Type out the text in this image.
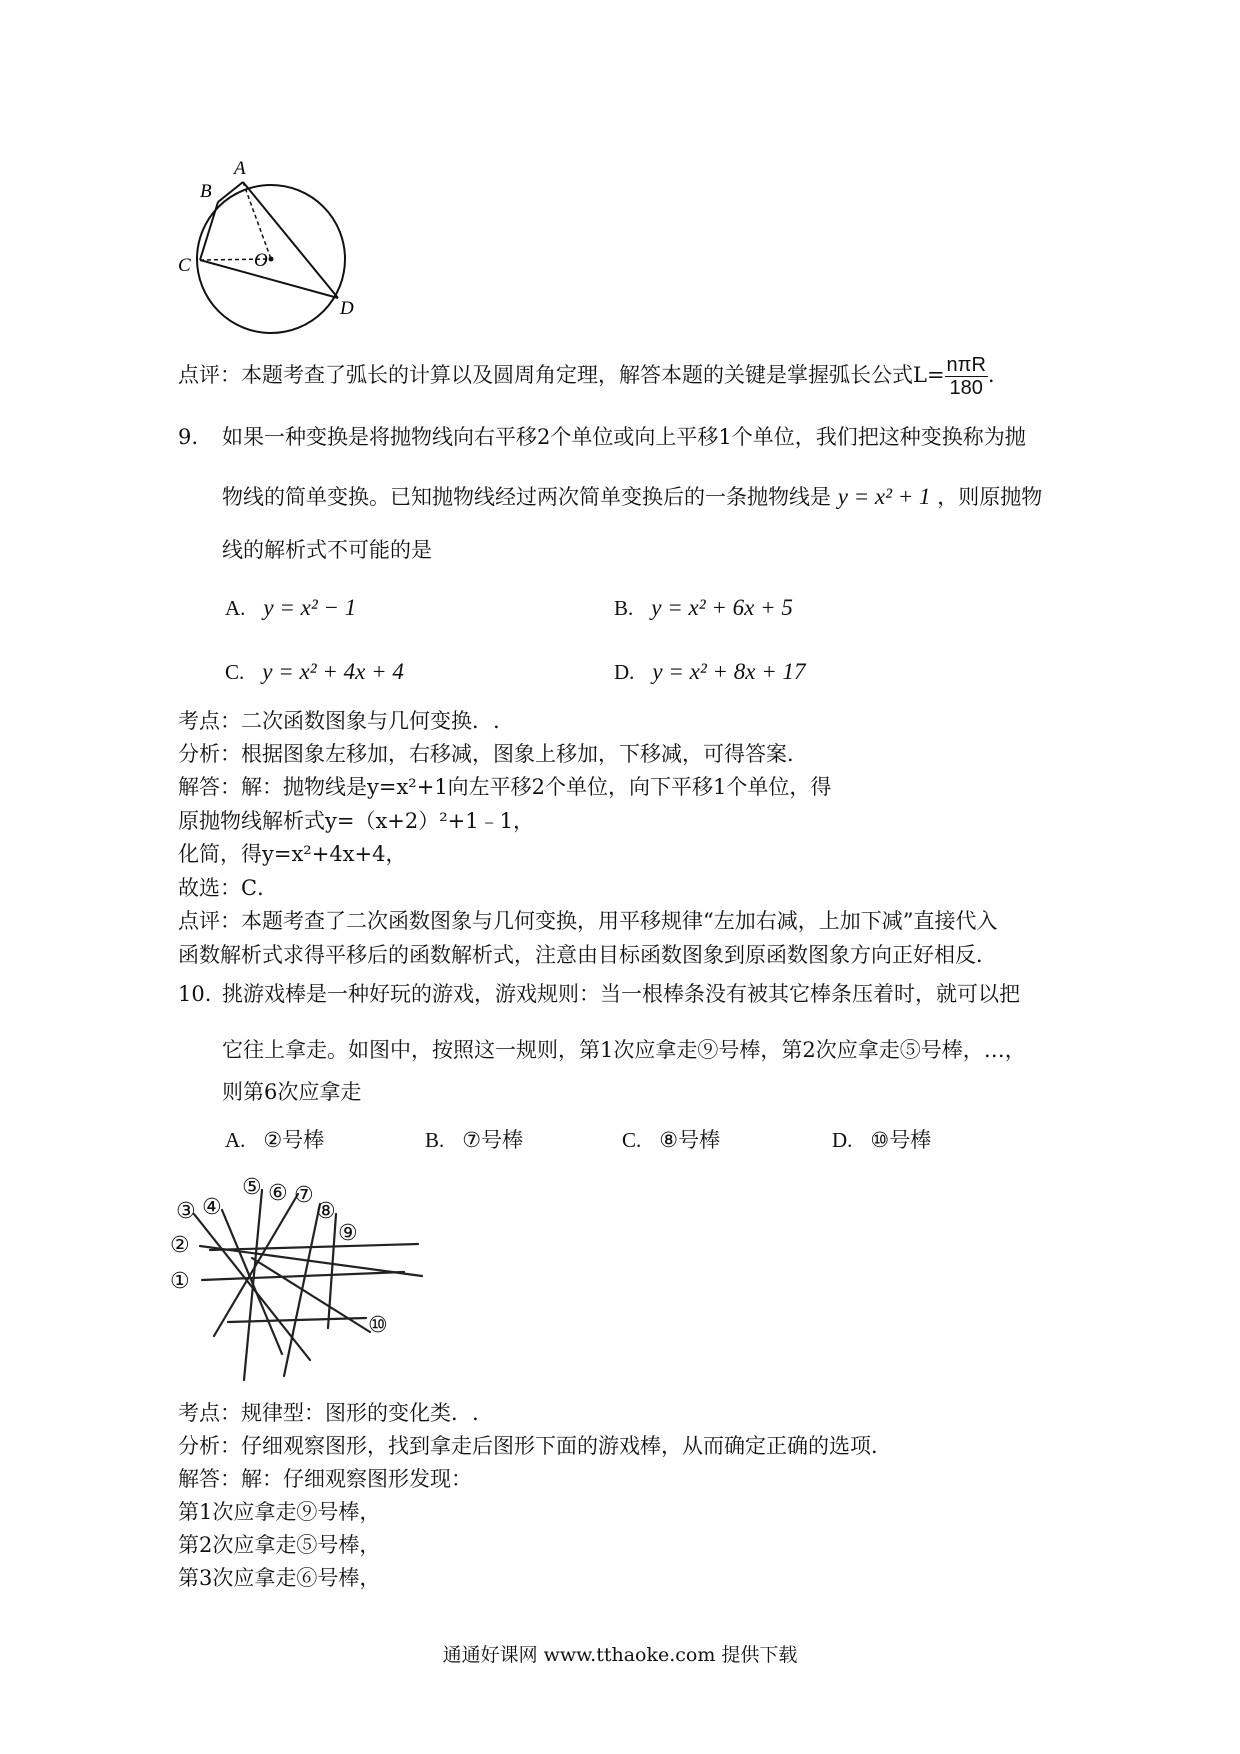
A
B
C	O
D
点评：本题考查了弧长的计算以及圆周角定理，解答本题的关键是掌握弧长公式$L= \frac{\text{nπR}}{180}$ .
9. 如果一种变换是将抛物线向右平移2个单位或向上平移1个单位，我们把这种变换称为抛
物线的简单变换。已知抛物线经过两次简单变换后的一条抛物线是 y = x² + 1 ，则原抛物
线的解析式不可能的是
A. y = x² − 1	B. y = x² + 6x + 5
C. y = x² + 4x + 4	D. y = x² + 8x + 17
考点：二次函数图象与几何变换．.
分析：根据图象左移加，右移减，图象上移加，下移减，可得答案．
解答：解：抛物线是y=x²+1向左平移2个单位，向下平移1个单位，得
原抛物线解析式y=（x+2）²+1﹣1，
化简，得y=x²+4x+4，
故选：C．
点评：本题考查了二次函数图象与几何变换，用平移规律“左加右减，上加下减”直接代入
函数解析式求得平移后的函数解析式，注意由目标函数图象到原函数图象方向正好相反．
10. 挑游戏棒是一种好玩的游戏，游戏规则：当一根棒条没有被其它棒条压着时，就可以把
它往上拿走。如图中，按照这一规则，第1次应拿走⑨号棒，第2次应拿走⑤号棒，…，
则第6次应拿走
A. ②号棒	B. ⑦号棒	C. ⑧号棒	D. ⑩号棒
①
②
③ ④
⑤ ⑥ ⑦
⑧
⑨
⑩
考点：规律型：图形的变化类．.
分析：仔细观察图形，找到拿走后图形下面的游戏棒，从而确定正确的选项．
解答：解：仔细观察图形发现：
第1次应拿走⑨号棒，
第2次应拿走⑤号棒，
第3次应拿走⑥号棒，
通通好课网 www.tthaoke.com 提供下载
